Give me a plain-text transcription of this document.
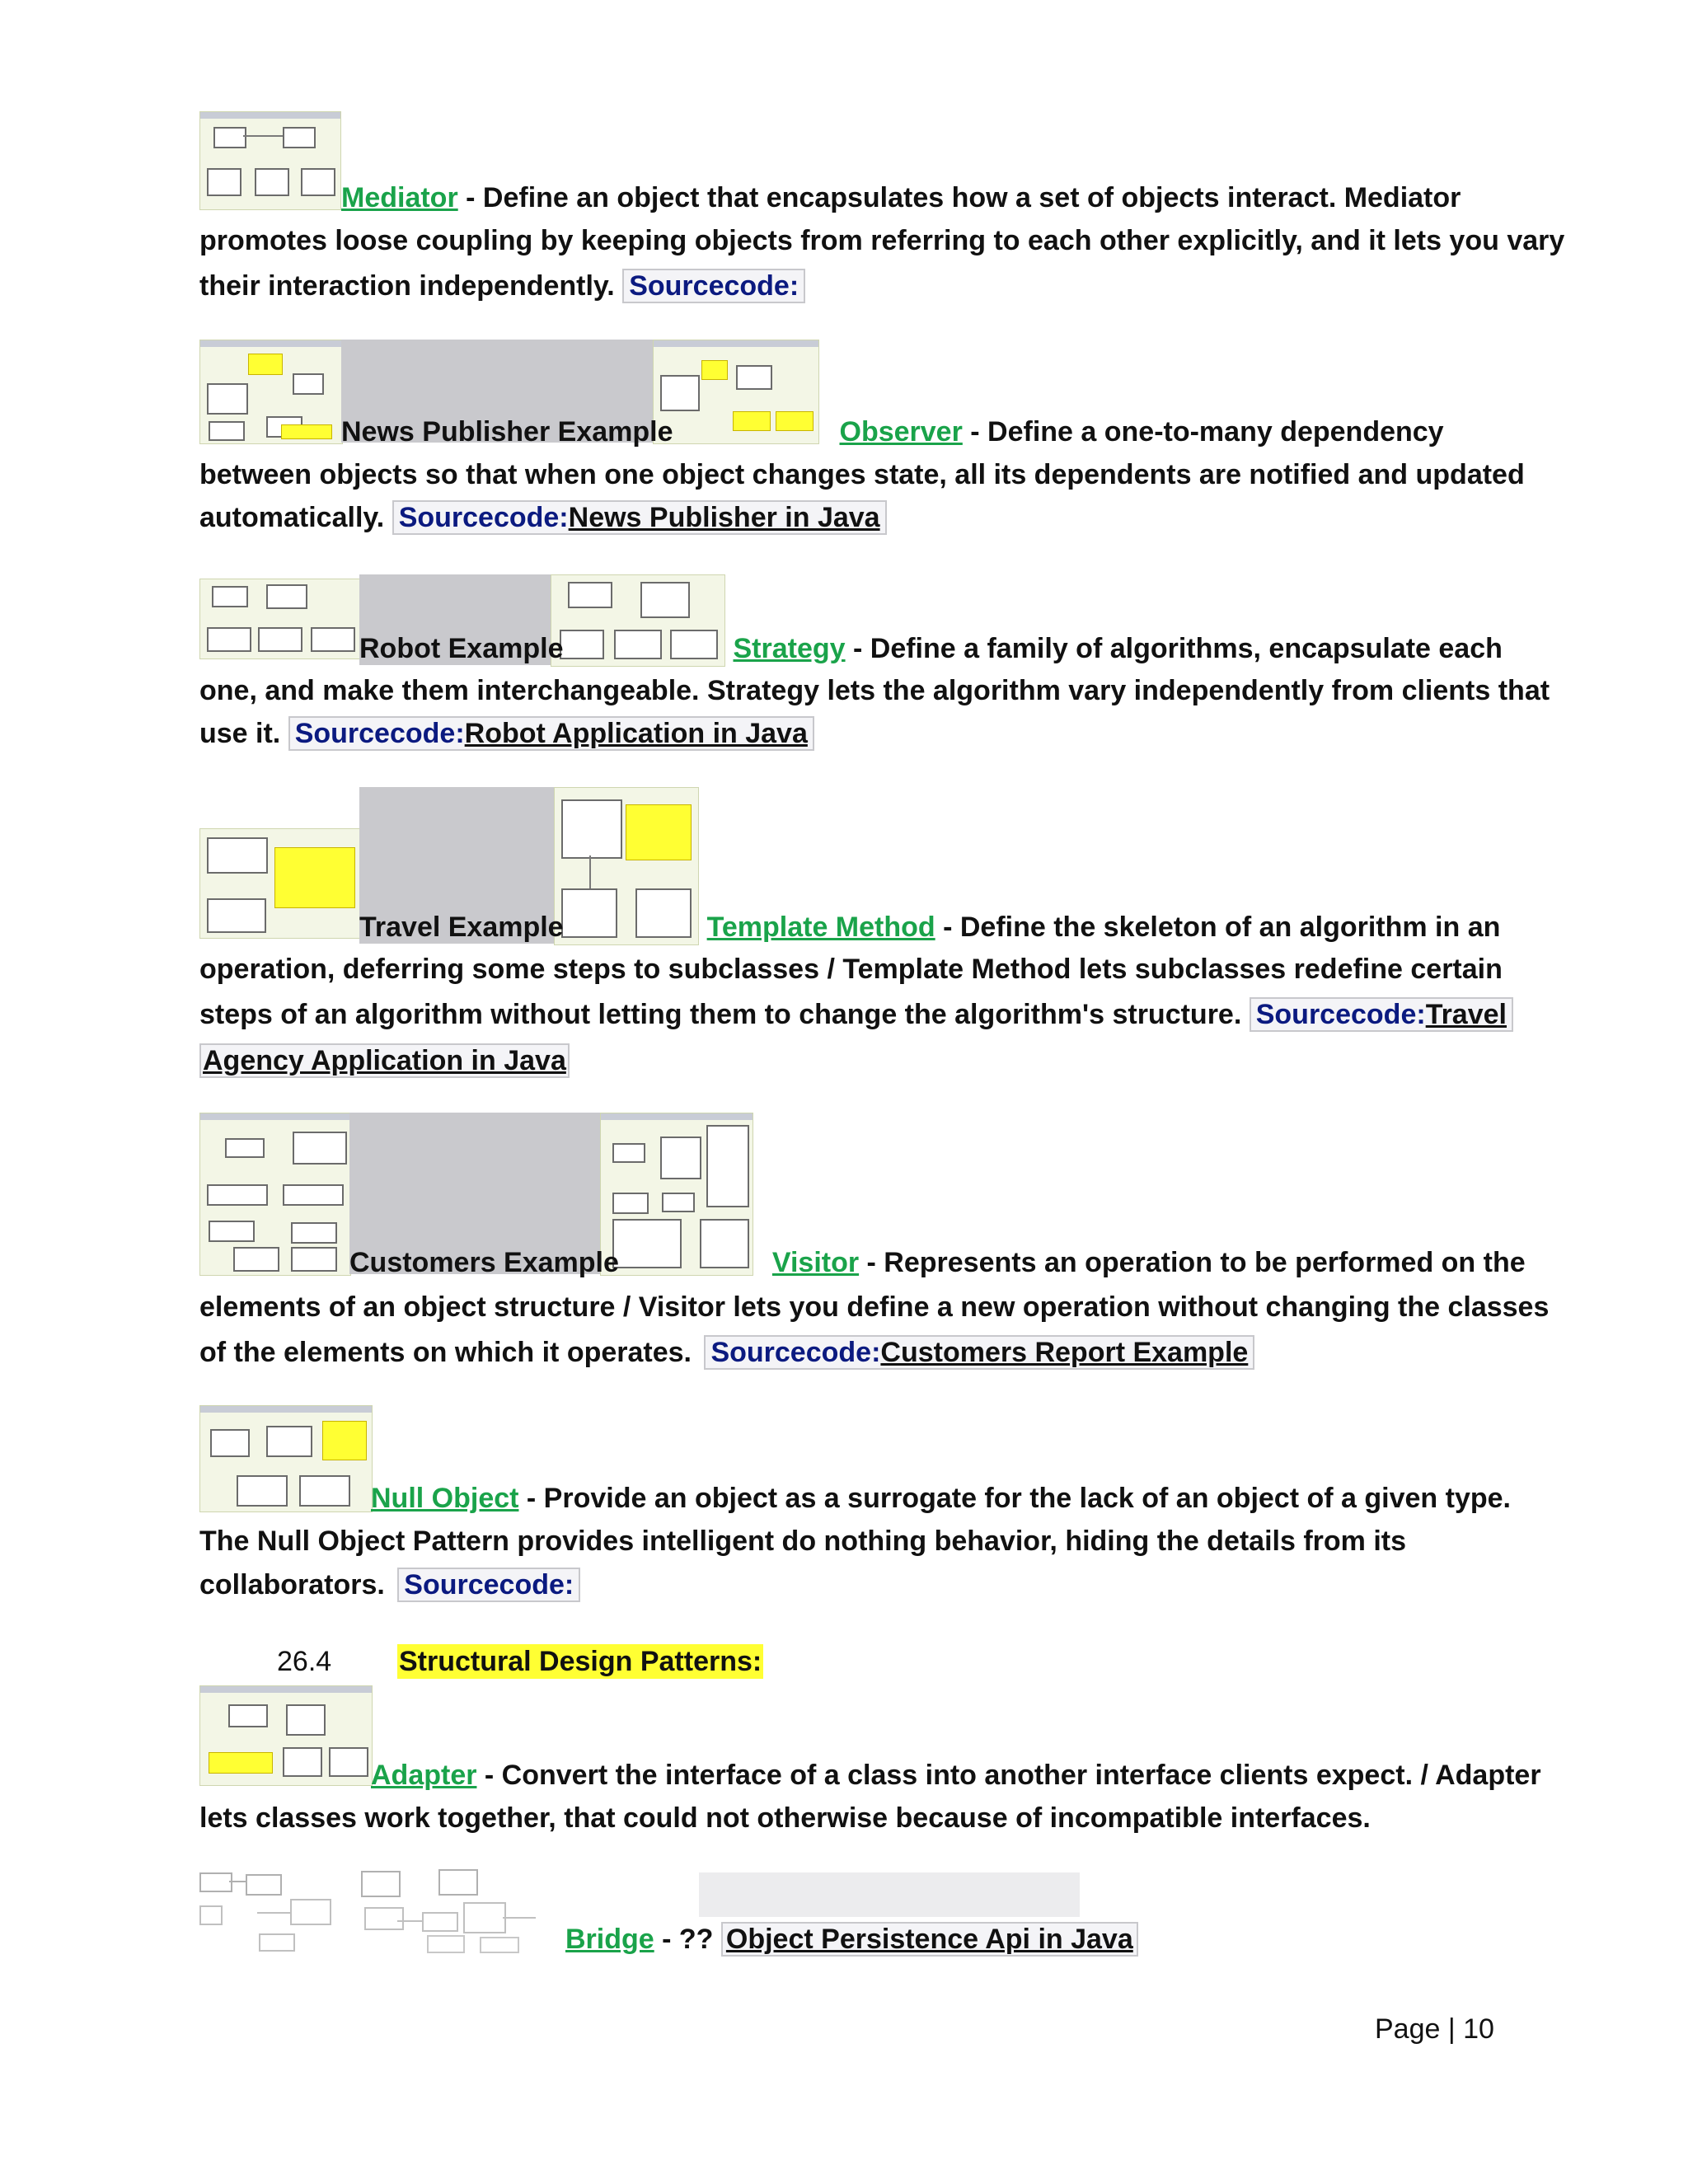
Mediator - Define an object that encapsulates how a set of objects interact. Mediator
promotes loose coupling by keeping objects from referring to each other explicitly, and it lets you vary
their interaction independently. Sourcecode:
News Publisher Example	Observer - Define a one-to-many dependency
between objects so that when one object changes state, all its dependents are notified and updated
automatically. Sourcecode:News Publisher in Java
Robot Example	Strategy - Define a family of algorithms, encapsulate each
one, and make them interchangeable. Strategy lets the algorithm vary independently from clients that
use it. Sourcecode:Robot Application in Java
Travel Example	Template Method - Define the skeleton of an algorithm in an
operation, deferring some steps to subclasses / Template Method lets subclasses redefine certain
steps of an algorithm without letting them to change the algorithm's structure. Sourcecode:Travel
Agency Application in Java
Customers Example	Visitor - Represents an operation to be performed on the
elements of an object structure / Visitor lets you define a new operation without changing the classes
of the elements on which it operates. Sourcecode:Customers Report Example
Null Object - Provide an object as a surrogate for the lack of an object of a given type.
The Null Object Pattern provides intelligent do nothing behavior, hiding the details from its
collaborators. Sourcecode:
26.4 Structural Design Patterns:
Adapter - Convert the interface of a class into another interface clients expect. / Adapter
lets classes work together, that could not otherwise because of incompatible interfaces.
Bridge - ?? Object Persistence Api in Java
Page | 10
